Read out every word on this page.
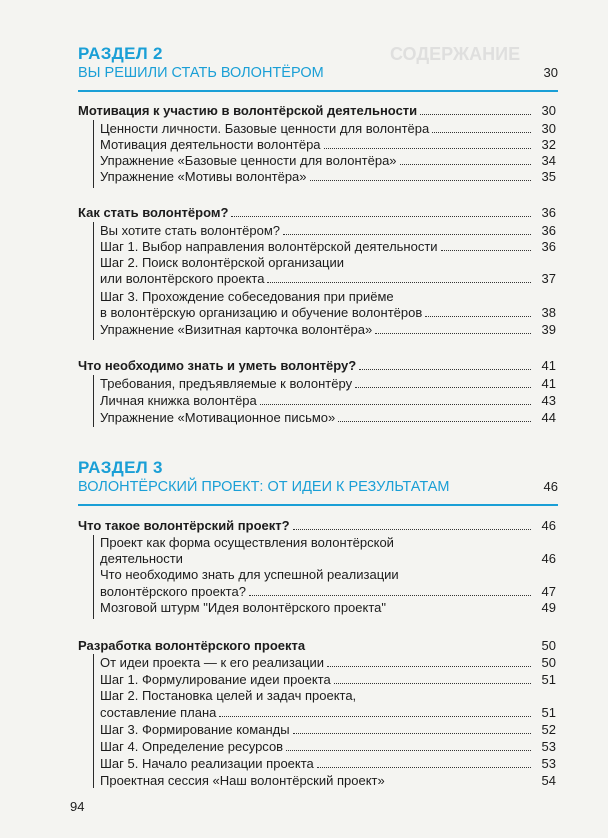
СОДЕРЖАНИЕ
РАЗДЕЛ 2
ВЫ РЕШИЛИ СТАТЬ ВОЛОНТЁРОМ	30
Мотивация к участию в волонтёрской деятельности	30
Ценности личности. Базовые ценности для волонтёра	30
Мотивация деятельности волонтёра	32
Упражнение «Базовые ценности для волонтёра»	34
Упражнение «Мотивы волонтёра»	35
Как стать волонтёром?	36
Вы хотите стать волонтёром?	36
Шаг 1. Выбор направления волонтёрской деятельности	36
Шаг 2. Поиск волонтёрской организации
или волонтёрского проекта	37
Шаг 3. Прохождение собеседования при приёме
в волонтёрскую организацию и обучение волонтёров	38
Упражнение «Визитная карточка волонтёра»	39
Что необходимо знать и уметь волонтёру?	41
Требования, предъявляемые к волонтёру	41
Личная книжка волонтёра	43
Упражнение «Мотивационное письмо»	44
РАЗДЕЛ 3
ВОЛОНТЁРСКИЙ ПРОЕКТ: ОТ ИДЕИ К РЕЗУЛЬТАТАМ	46
Что такое волонтёрский проект?	46
Проект как форма осуществления волонтёрской
деятельности	46
Что необходимо знать для успешной реализации
волонтёрского проекта?	47
Мозговой штурм "Идея волонтёрского проекта"	49
Разработка волонтёрского проекта	50
От идеи проекта — к его реализации	50
Шаг 1. Формулирование идеи проекта	51
Шаг 2. Постановка целей и задач проекта,
составление плана	51
Шаг 3. Формирование команды	52
Шаг 4. Определение ресурсов	53
Шаг 5. Начало реализации проекта	53
Проектная сессия «Наш волонтёрский проект»	54
94
